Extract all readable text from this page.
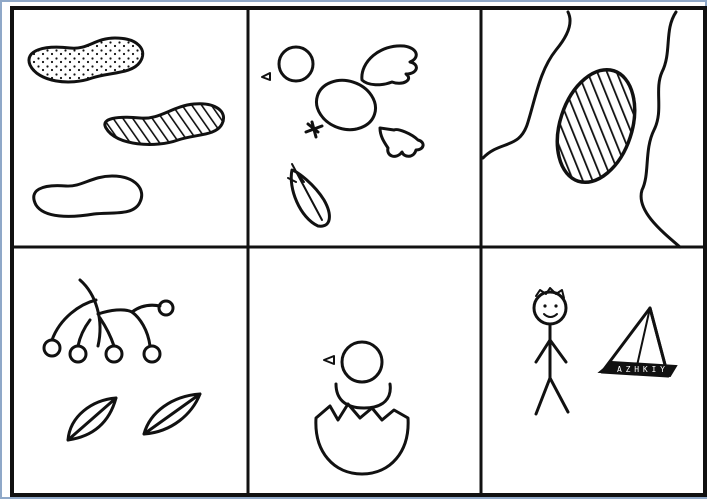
AZHKIY
